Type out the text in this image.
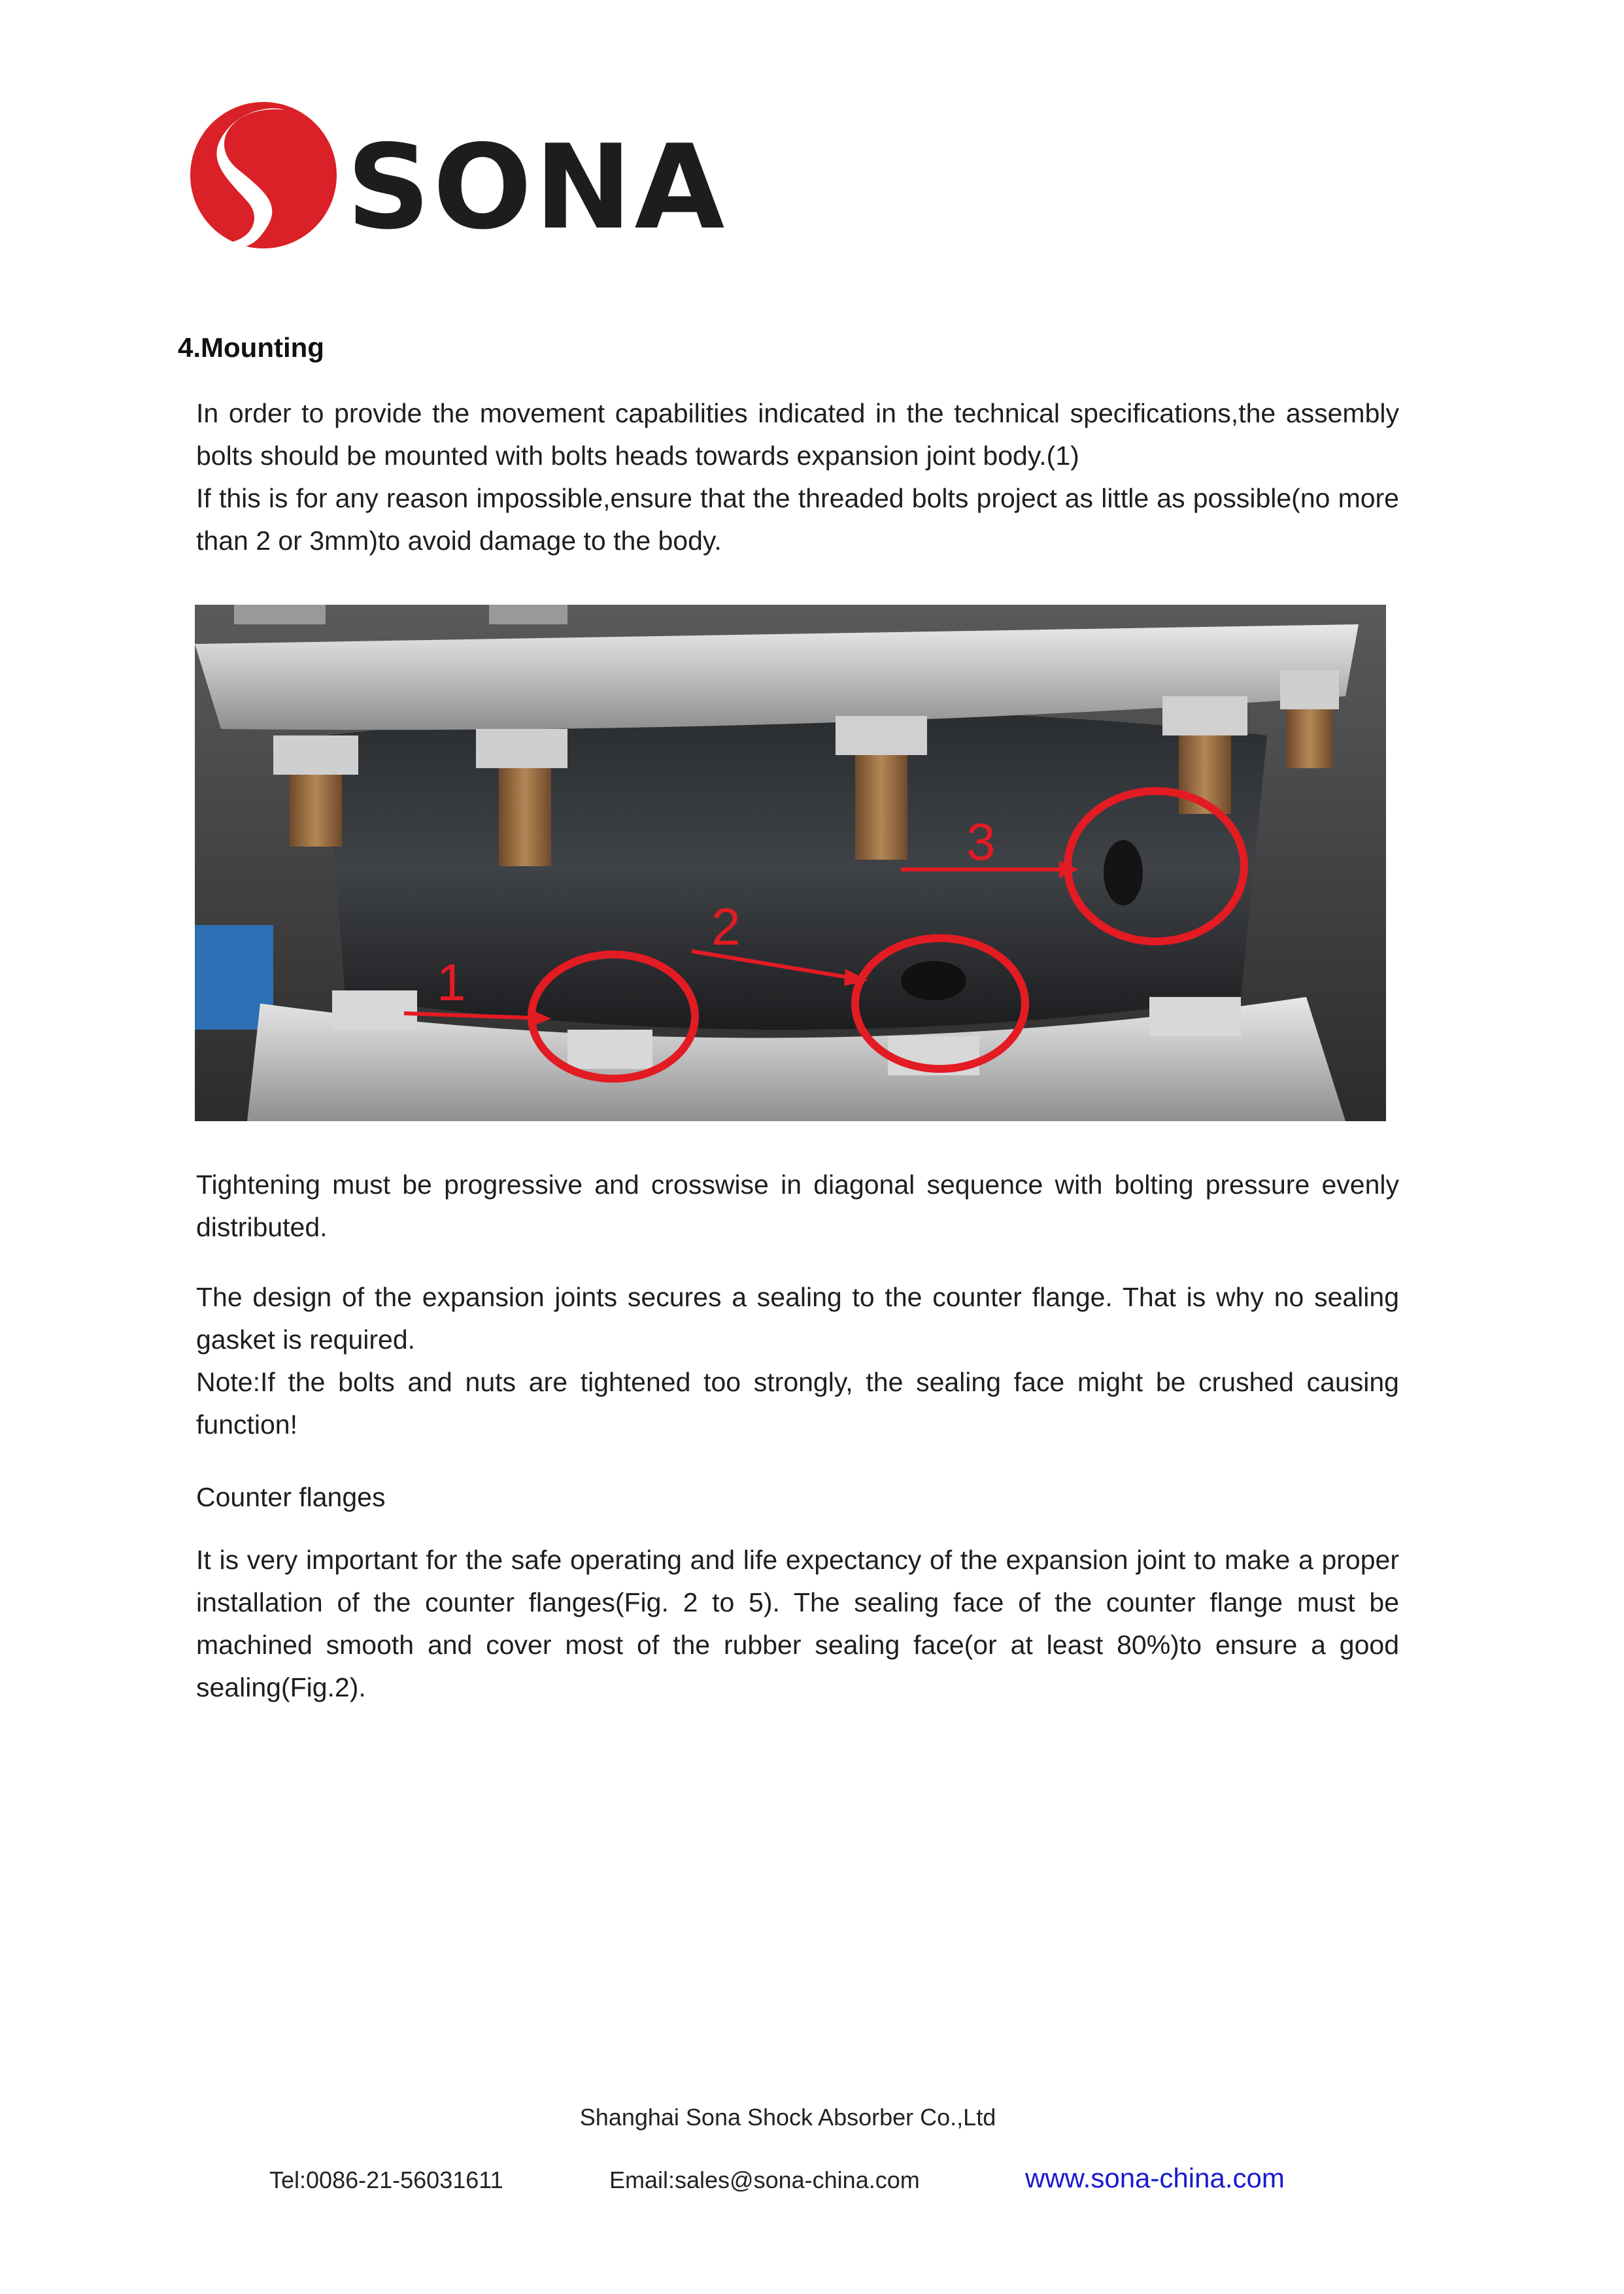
SONA
4.Mounting

In order to provide the movement capabilities indicated in the technical specifications,the assembly bolts should be mounted with bolts heads towards expansion joint body.(1)

If this is for any reason impossible,ensure that the threaded bolts project as little as possible(no more than 2 or 3mm)to avoid damage to the body.

1
2
3

Tightening must be progressive and crosswise in diagonal sequence with bolting pressure evenly distributed.

The design of the expansion joints secures a sealing to the counter flange. That is why no sealing gasket is required.

Note:If the bolts and nuts are tightened too strongly, the sealing face might be crushed causing function!

Counter flanges

It is very important for the safe operating and life expectancy of the expansion joint to make a proper installation of the counter flanges(Fig. 2 to 5). The sealing face of the counter flange must be machined smooth and cover most of the rubber sealing face(or at least 80%)to ensure a good sealing(Fig.2).

Shanghai Sona Shock Absorber Co.,Ltd
Tel:0086-21-56031611	Email:sales@sona-china.com	www.sona-china.com
